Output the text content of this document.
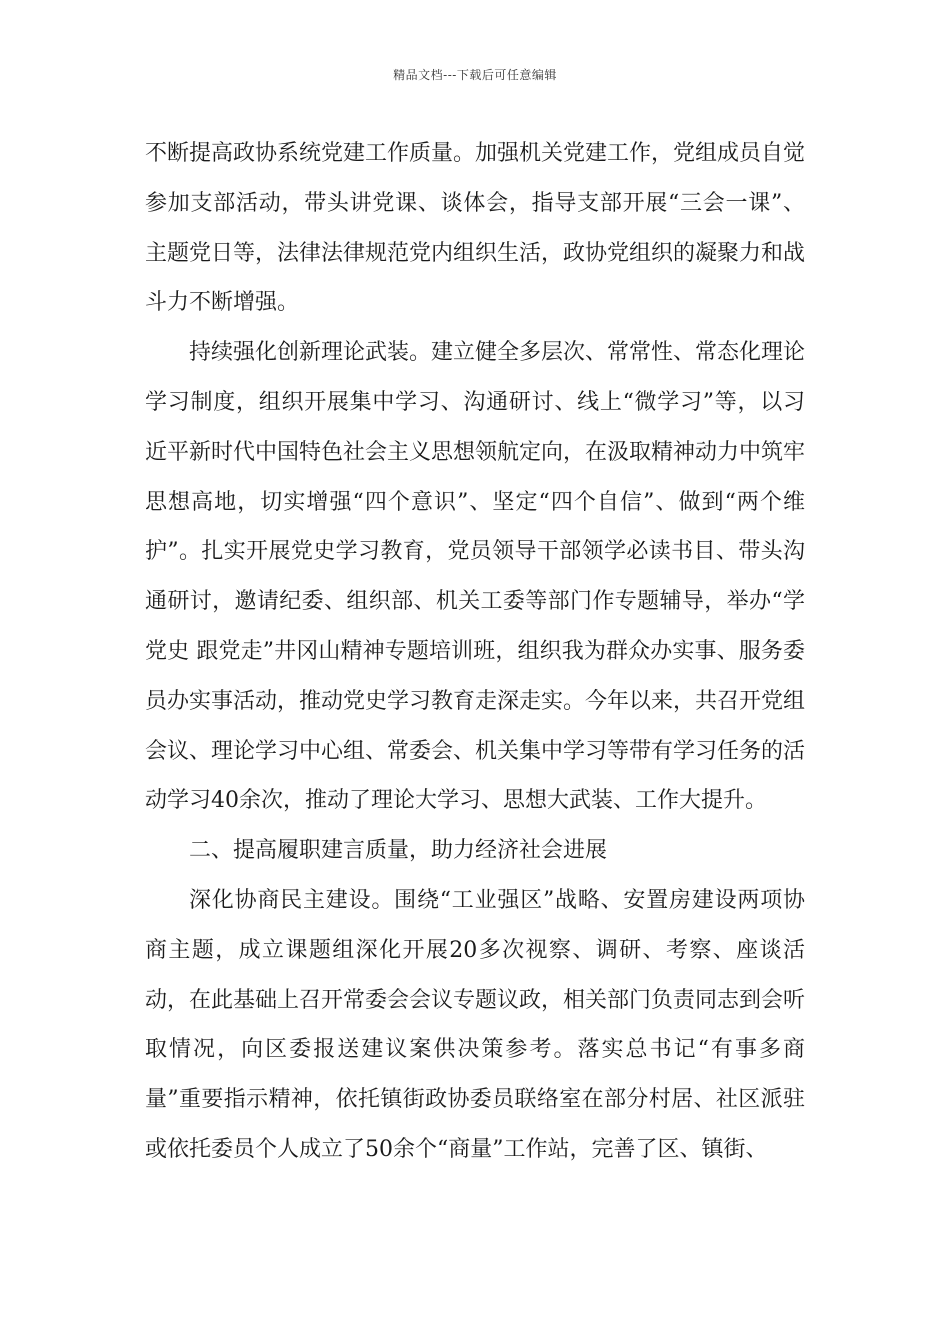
精品文档---下载后可任意编辑

不断提高政协系统党建工作质量。加强机关党建工作，党组成员自觉参加支部活动，带头讲党课、谈体会，指导支部开展“三会一课”、主题党日等，法律法律规范党内组织生活，政协党组织的凝聚力和战斗力不断增强。

持续强化创新理论武装。建立健全多层次、常常性、常态化理论学习制度，组织开展集中学习、沟通研讨、线上“微学习”等，以习近平新时代中国特色社会主义思想领航定向，在汲取精神动力中筑牢思想高地，切实增强“四个意识”、坚定“四个自信”、做到“两个维护”。扎实开展党史学习教育，党员领导干部领学必读书目、带头沟通研讨，邀请纪委、组织部、机关工委等部门作专题辅导，举办“学党史 跟党走”井冈山精神专题培训班，组织我为群众办实事、服务委员办实事活动，推动党史学习教育走深走实。今年以来，共召开党组会议、理论学习中心组、常委会、机关集中学习等带有学习任务的活动学习40余次，推动了理论大学习、思想大武装、工作大提升。

二、提高履职建言质量，助力经济社会进展

深化协商民主建设。围绕“工业强区”战略、安置房建设两项协商主题，成立课题组深化开展20多次视察、调研、考察、座谈活动，在此基础上召开常委会会议专题议政，相关部门负责同志到会听取情况，向区委报送建议案供决策参考。落实总书记“有事多商量”重要指示精神，依托镇街政协委员联络室在部分村居、社区派驻或依托委员个人成立了50余个“商量”工作站，完善了区、镇街、
